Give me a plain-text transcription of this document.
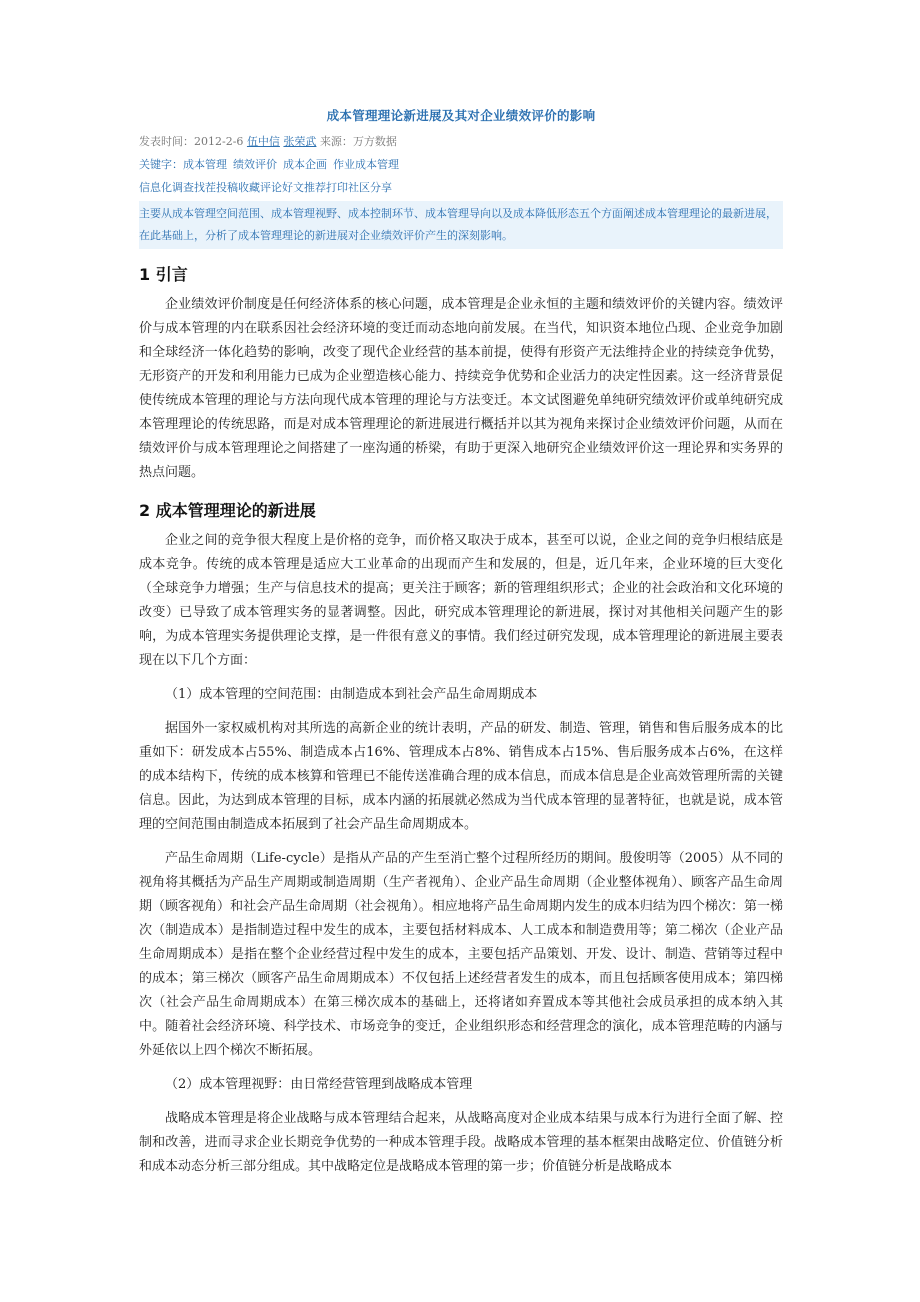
成本管理理论新进展及其对企业绩效评价的影响
发表时间：2012-2-6 伍中信 张荣武 来源：万方数据
关键字：成本管理 绩效评价 成本企画 作业成本管理
信息化调查找茬投稿收藏评论好文推荐打印社区分享
主要从成本管理空间范围、成本管理视野、成本控制环节、成本管理导向以及成本降低形态五个方面阐述成本管理理论的最新进展，在此基础上，分析了成本管理理论的新进展对企业绩效评价产生的深刻影响。
1 引言

企业绩效评价制度是任何经济体系的核心问题，成本管理是企业永恒的主题和绩效评价的关键内容。绩效评价与成本管理的内在联系因社会经济环境的变迁而动态地向前发展。在当代，知识资本地位凸现、企业竞争加剧和全球经济一体化趋势的影响，改变了现代企业经营的基本前提，使得有形资产无法维持企业的持续竞争优势，无形资产的开发和利用能力已成为企业塑造核心能力、持续竞争优势和企业活力的决定性因素。这一经济背景促使传统成本管理的理论与方法向现代成本管理的理论与方法变迁。本文试图避免单纯研究绩效评价或单纯研究成本管理理论的传统思路，而是对成本管理理论的新进展进行概括并以其为视角来探讨企业绩效评价问题，从而在绩效评价与成本管理理论之间搭建了一座沟通的桥梁，有助于更深入地研究企业绩效评价这一理论界和实务界的热点问题。

2 成本管理理论的新进展

企业之间的竞争很大程度上是价格的竞争，而价格又取决于成本，甚至可以说，企业之间的竞争归根结底是成本竞争。传统的成本管理是适应大工业革命的出现而产生和发展的，但是，近几年来，企业环境的巨大变化（全球竞争力增强；生产与信息技术的提高；更关注于顾客；新的管理组织形式；企业的社会政治和文化环境的改变）已导致了成本管理实务的显著调整。因此，研究成本管理理论的新进展，探讨对其他相关问题产生的影响，为成本管理实务提供理论支撑，是一件很有意义的事情。我们经过研究发现，成本管理理论的新进展主要表现在以下几个方面：

（1）成本管理的空间范围：由制造成本到社会产品生命周期成本

据国外一家权威机构对其所选的高新企业的统计表明，产品的研发、制造、管理，销售和售后服务成本的比重如下：研发成本占55%、制造成本占16%、管理成本占8%、销售成本占15%、售后服务成本占6%，在这样的成本结构下，传统的成本核算和管理已不能传送准确合理的成本信息，而成本信息是企业高效管理所需的关键信息。因此，为达到成本管理的目标，成本内涵的拓展就必然成为当代成本管理的显著特征，也就是说，成本管理的空间范围由制造成本拓展到了社会产品生命周期成本。

产品生命周期（Life-cycle）是指从产品的产生至消亡整个过程所经历的期间。殷俊明等（2005）从不同的视角将其概括为产品生产周期或制造周期（生产者视角）、企业产品生命周期（企业整体视角）、顾客产品生命周期（顾客视角）和社会产品生命周期（社会视角）。相应地将产品生命周期内发生的成本归结为四个梯次：第一梯次（制造成本）是指制造过程中发生的成本，主要包括材料成本、人工成本和制造费用等；第二梯次（企业产品生命周期成本）是指在整个企业经营过程中发生的成本，主要包括产品策划、开发、设计、制造、营销等过程中的成本；第三梯次（顾客产品生命周期成本）不仅包括上述经营者发生的成本，而且包括顾客使用成本；第四梯次（社会产品生命周期成本）在第三梯次成本的基础上，还将诸如弃置成本等其他社会成员承担的成本纳入其中。随着社会经济环境、科学技术、市场竞争的变迁，企业组织形态和经营理念的演化，成本管理范畴的内涵与外延依以上四个梯次不断拓展。

（2）成本管理视野：由日常经营管理到战略成本管理

战略成本管理是将企业战略与成本管理结合起来，从战略高度对企业成本结果与成本行为进行全面了解、控制和改善，进而寻求企业长期竞争优势的一种成本管理手段。战略成本管理的基本框架由战略定位、价值链分析和成本动态分析三部分组成。其中战略定位是战略成本管理的第一步；价值链分析是战略成本
